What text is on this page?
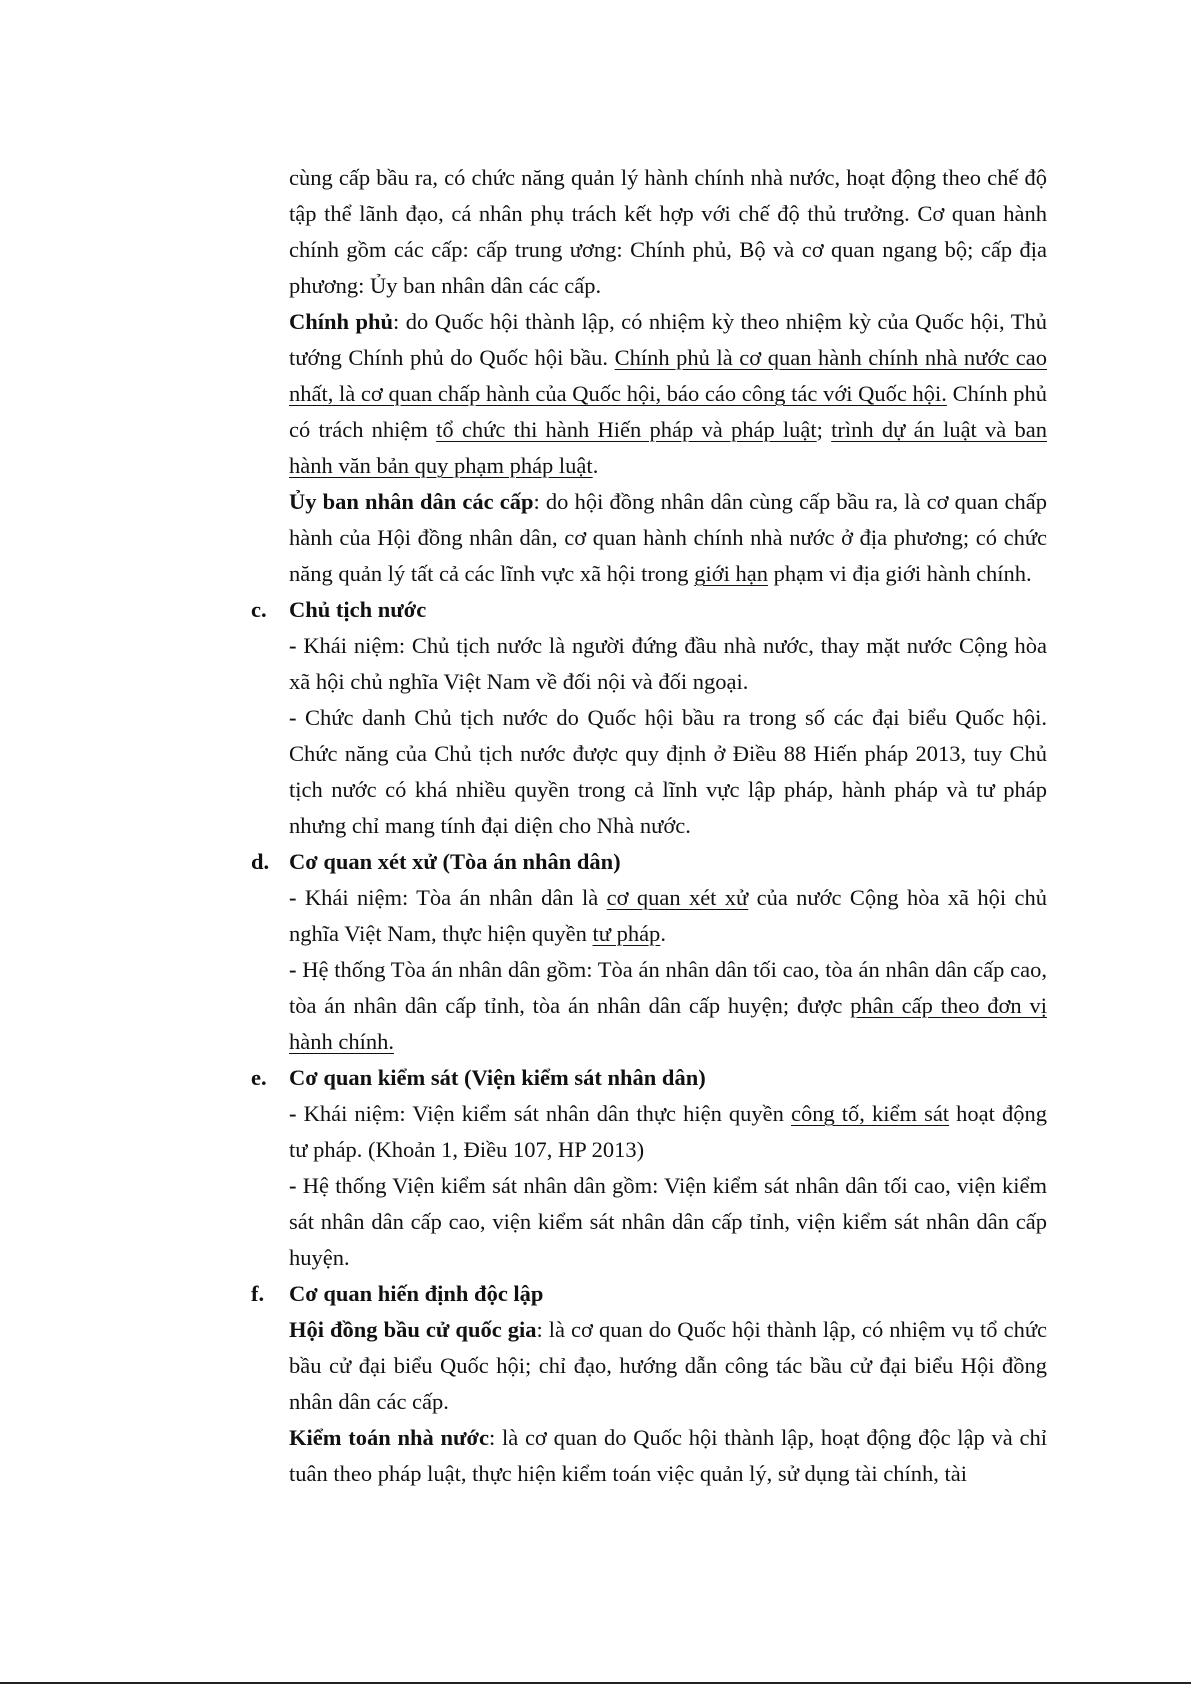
cùng cấp bầu ra, có chức năng quản lý hành chính nhà nước, hoạt động theo chế độ tập thể lãnh đạo, cá nhân phụ trách kết hợp với chế độ thủ trưởng. Cơ quan hành chính gồm các cấp: cấp trung ương: Chính phủ, Bộ và cơ quan ngang bộ; cấp địa phương: Ủy ban nhân dân các cấp.

Chính phủ: do Quốc hội thành lập, có nhiệm kỳ theo nhiệm kỳ của Quốc hội, Thủ tướng Chính phủ do Quốc hội bầu. Chính phủ là cơ quan hành chính nhà nước cao nhất, là cơ quan chấp hành của Quốc hội, báo cáo công tác với Quốc hội. Chính phủ có trách nhiệm tổ chức thi hành Hiến pháp và pháp luật; trình dự án luật và ban hành văn bản quy phạm pháp luật.

Ủy ban nhân dân các cấp: do hội đồng nhân dân cùng cấp bầu ra, là cơ quan chấp hành của Hội đồng nhân dân, cơ quan hành chính nhà nước ở địa phương; có chức năng quản lý tất cả các lĩnh vực xã hội trong giới hạn phạm vi địa giới hành chính.

c. Chủ tịch nước

- Khái niệm: Chủ tịch nước là người đứng đầu nhà nước, thay mặt nước Cộng hòa xã hội chủ nghĩa Việt Nam về đối nội và đối ngoại.

- Chức danh Chủ tịch nước do Quốc hội bầu ra trong số các đại biểu Quốc hội. Chức năng của Chủ tịch nước được quy định ở Điều 88 Hiến pháp 2013, tuy Chủ tịch nước có khá nhiều quyền trong cả lĩnh vực lập pháp, hành pháp và tư pháp nhưng chỉ mang tính đại diện cho Nhà nước.

d. Cơ quan xét xử (Tòa án nhân dân)

- Khái niệm: Tòa án nhân dân là cơ quan xét xử của nước Cộng hòa xã hội chủ nghĩa Việt Nam, thực hiện quyền tư pháp.

- Hệ thống Tòa án nhân dân gồm: Tòa án nhân dân tối cao, tòa án nhân dân cấp cao, tòa án nhân dân cấp tỉnh, tòa án nhân dân cấp huyện; được phân cấp theo đơn vị hành chính.

e. Cơ quan kiểm sát (Viện kiểm sát nhân dân)

- Khái niệm: Viện kiểm sát nhân dân thực hiện quyền công tố, kiểm sát hoạt động tư pháp. (Khoản 1, Điều 107, HP 2013)

- Hệ thống Viện kiểm sát nhân dân gồm: Viện kiểm sát nhân dân tối cao, viện kiểm sát nhân dân cấp cao, viện kiểm sát nhân dân cấp tỉnh, viện kiểm sát nhân dân cấp huyện.

f. Cơ quan hiến định độc lập

Hội đồng bầu cử quốc gia: là cơ quan do Quốc hội thành lập, có nhiệm vụ tổ chức bầu cử đại biểu Quốc hội; chỉ đạo, hướng dẫn công tác bầu cử đại biểu Hội đồng nhân dân các cấp.

Kiểm toán nhà nước: là cơ quan do Quốc hội thành lập, hoạt động độc lập và chỉ tuân theo pháp luật, thực hiện kiểm toán việc quản lý, sử dụng tài chính, tài
